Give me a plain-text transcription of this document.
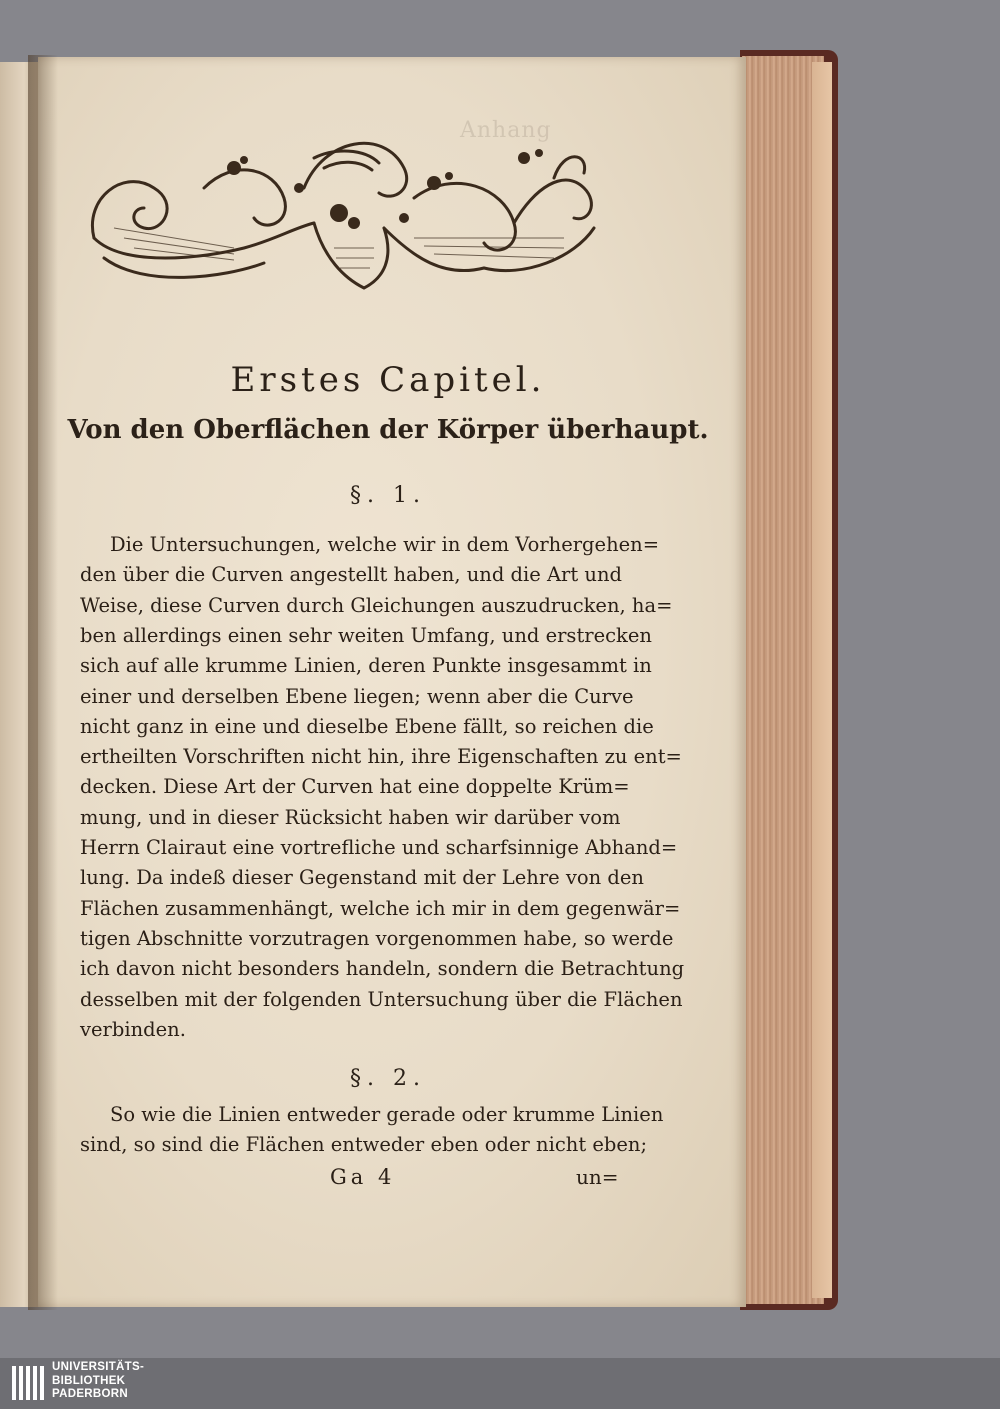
Anhang
Erstes Capitel.
Von den Oberflächen der Körper überhaupt.
§. 1.
Die Untersuchungen, welche wir in dem Vorhergehen=
den über die Curven angestellt haben, und die Art und
Weise, diese Curven durch Gleichungen auszudrucken, ha=
ben allerdings einen sehr weiten Umfang, und erstrecken
sich auf alle krumme Linien, deren Punkte insgesammt in
einer und derselben Ebene liegen; wenn aber die Curve
nicht ganz in eine und dieselbe Ebene fällt, so reichen die
ertheilten Vorschriften nicht hin, ihre Eigenschaften zu ent=
decken. Diese Art der Curven hat eine doppelte Krüm=
mung, und in dieser Rücksicht haben wir darüber vom
Herrn Clairaut eine vortrefliche und scharfsinnige Abhand=
lung. Da indeß dieser Gegenstand mit der Lehre von den
Flächen zusammenhängt, welche ich mir in dem gegenwär=
tigen Abschnitte vorzutragen vorgenommen habe, so werde
ich davon nicht besonders handeln, sondern die Betrachtung
desselben mit der folgenden Untersuchung über die Flächen
verbinden.
§. 2.
So wie die Linien entweder gerade oder krumme Linien
sind, so sind die Flächen entweder eben oder nicht eben;
Ga 4	un=
UNIVERSITÄTS-
BIBLIOTHEK
PADERBORN
